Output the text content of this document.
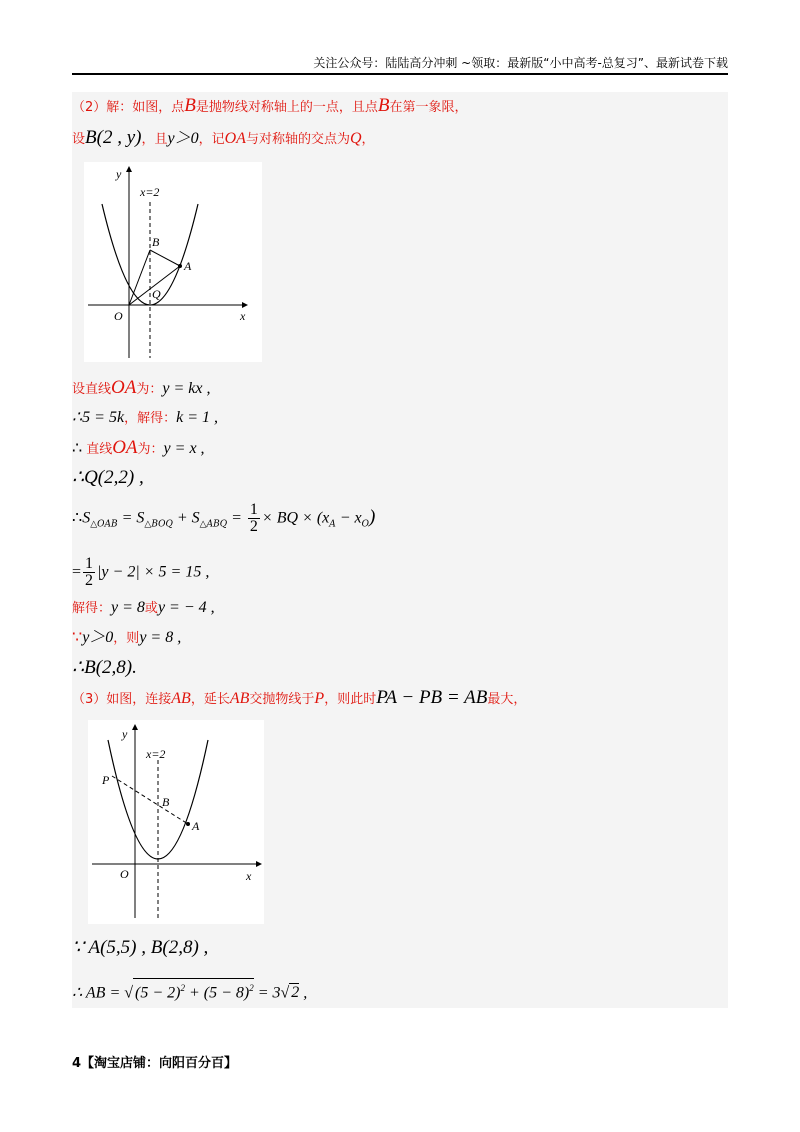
关注公众号：陆陆高分冲刺 ~领取：最新版“小中高考-总复习”、最新试卷下载
（2）解：如图，点B是抛物线对称轴上的一点，且点B在第一象限，
设B(2 , y)，且y＞0，记OA与对称轴的交点为Q，
y
x
O
x=2
B
A
Q
设直线OA为：y = kx ,
∴5 = 5k，解得：k = 1 ,
∴ 直线OA为：y = x ,
∴Q(2,2) ,
$\therefore S_{\triangle OAB} = S_{\triangle BOQ} + S_{\triangle ABQ} = \frac{1}{2}$ × BQ × $(x_A - x_O)$
= $\frac{1}{2} |y - 2| \times 5 = 15$ ,
解得：y = 8或y = − 4 ,
∵y＞0，则y = 8 ,
∴B(2,8).
（3）如图，连接AB，延长AB交抛物线于P，则此时PA − PB = AB最大，
y
x
O
x=2
P
B
A
∵ A(5,5) , B(2,8) ,
∴ AB = √ $(5 - 2)^2 + (5 - 8)^2 = 3√$ 2 ,
4【淘宝店铺：向阳百分百】
